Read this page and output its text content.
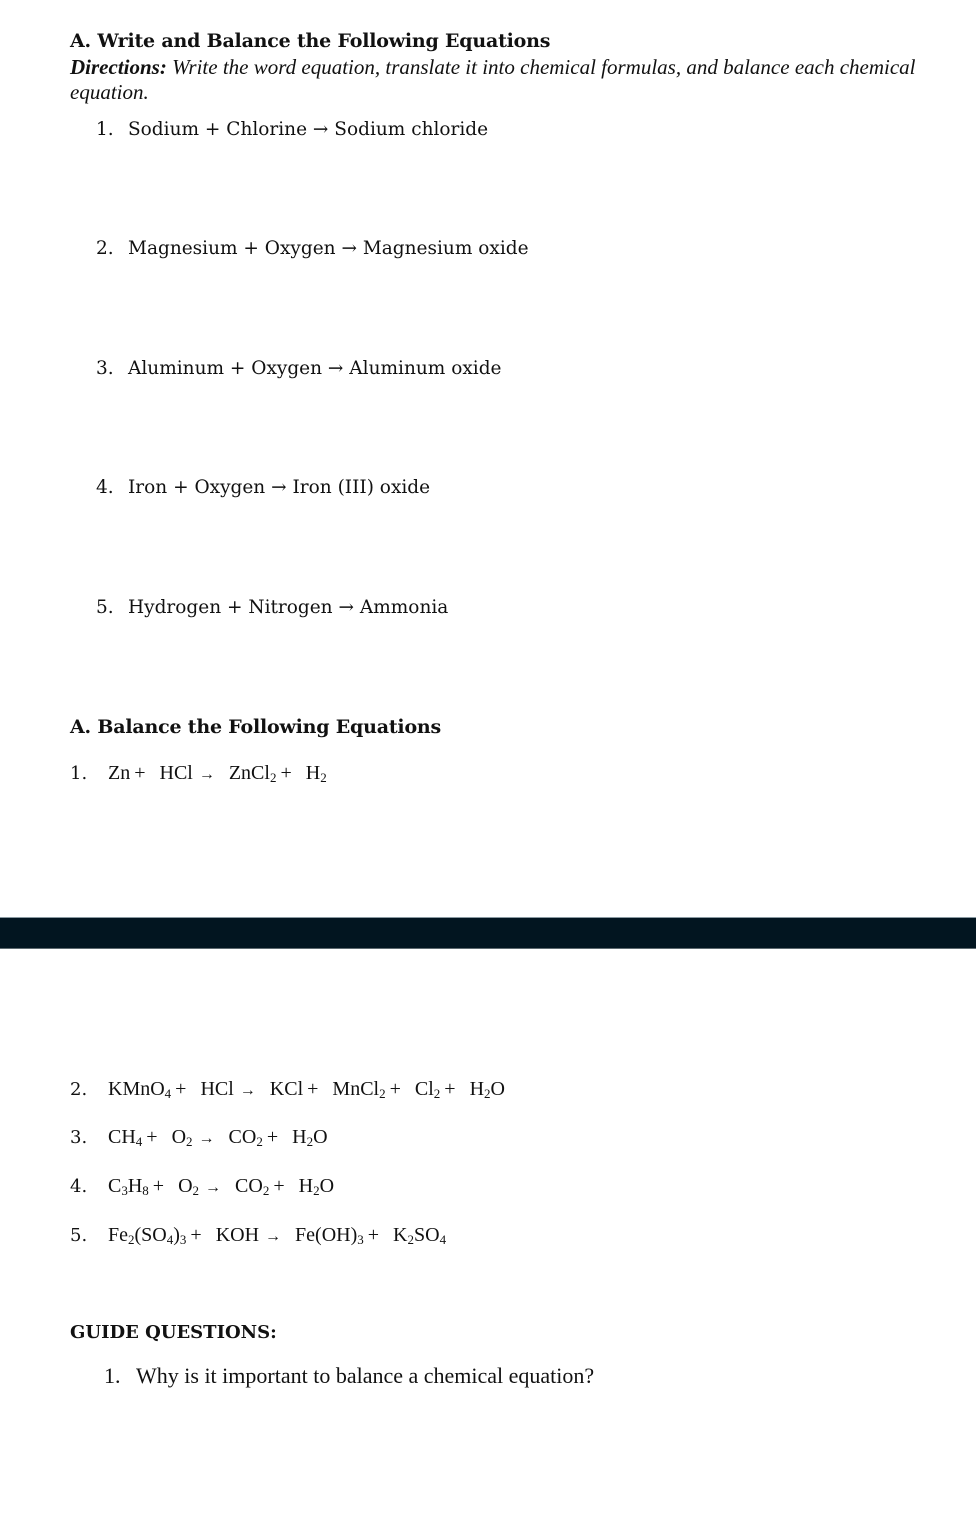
A. Write and Balance the Following Equations
Directions: Write the word equation, translate it into chemical formulas, and balance each chemical equation.
1. Sodium + Chlorine → Sodium chloride
2. Magnesium + Oxygen → Magnesium oxide
3. Aluminum + Oxygen → Aluminum oxide
4. Iron + Oxygen → Iron (III) oxide
5. Hydrogen + Nitrogen → Ammonia
A. Balance the Following Equations
1. Zn + HCl → ZnCl$_2$ + $H_2$
2. KMnO$_4$ + HCl → KCl + MnCl$_2$ + $Cl_2 + H_2O$
3. $CH_4 + O_2 \to CO_2 + H_2O$
4. $C_3H_8 + O_2 \to CO_2 + H_2O$
5. $Fe_2(SO_4)_3$ + KOH → $Fe(OH)_3 + K_2SO_4$
GUIDE QUESTIONS:
1. Why is it important to balance a chemical equation?
